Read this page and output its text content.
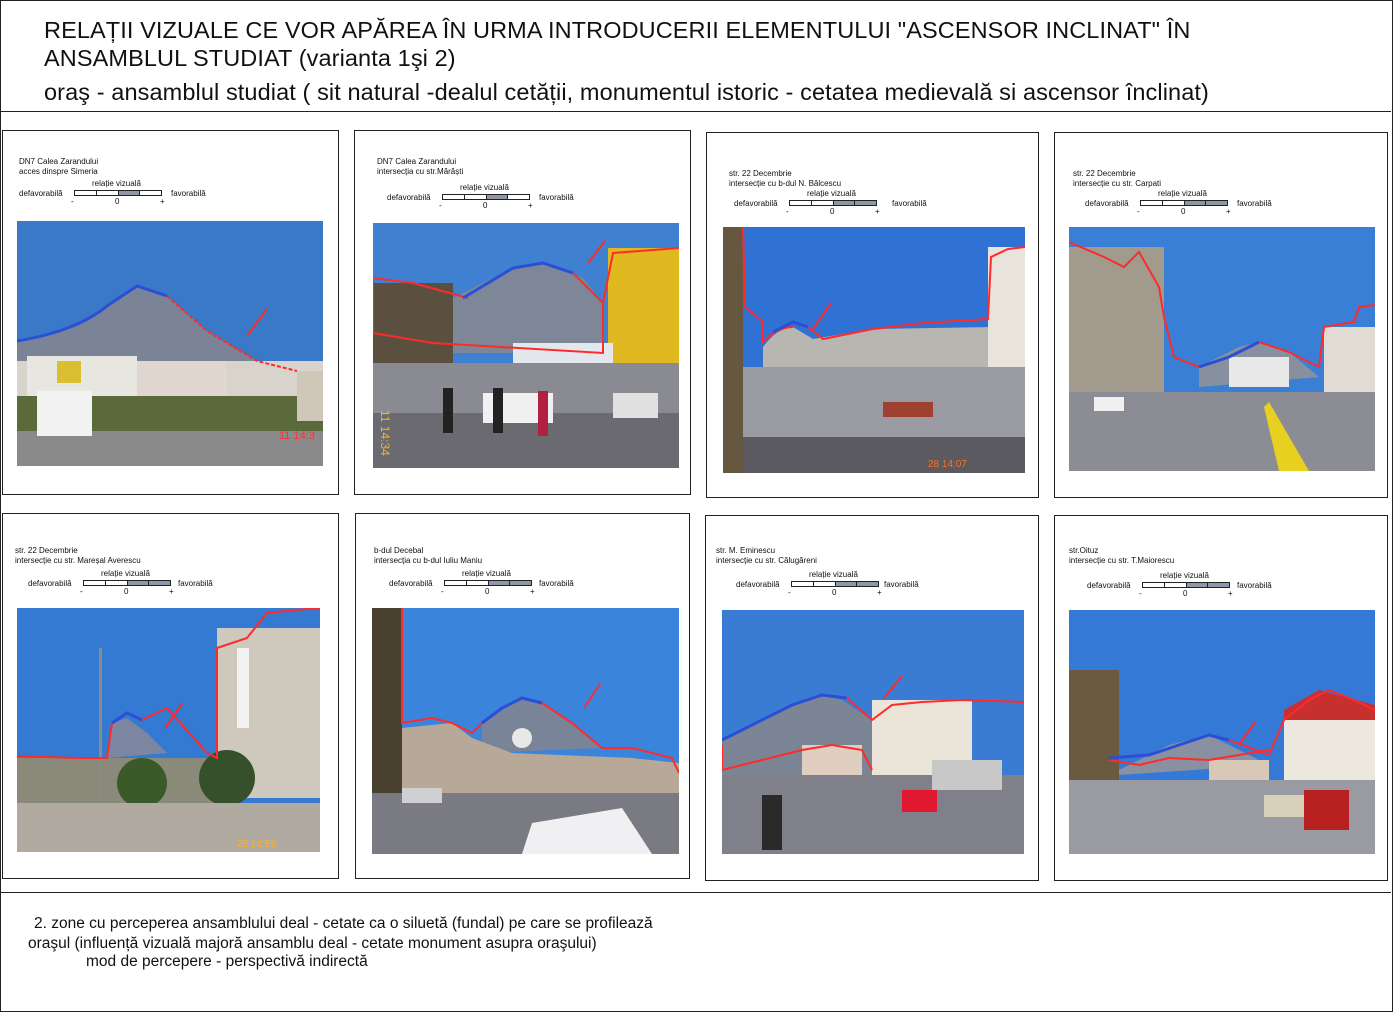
RELAȚII VIZUALE CE VOR APĂREA ÎN URMA INTRODUCERII ELEMENTULUI "ASCENSOR INCLINAT" ÎN
ANSAMBLUL STUDIAT (varianta 1şi 2)
oraş - ansamblul studiat ( sit natural -dealul cetății, monumentul istoric - cetatea medievală si ascensor înclinat)
DN7 Calea Zarandului
acces dinspre Simeria
relație vizuală
defavorabilă	favorabilă
-	0	+
11 14:3
DN7 Calea Zarandului
intersecția cu str.Mărăști
relație vizuală
defavorabilă	favorabilă
-	0	+
11 14:34
str. 22 Decembrie
intersecție cu b-dul N. Bălcescu
relație vizuală
defavorabilă	favorabilă
-	0	+
28 14:07
str. 22 Decembrie
intersecție cu str. Carpati
relație vizuală
defavorabilă	favorabilă
-	0	+
str. 22 Decembrie
intersecție cu str. Mareșal Averescu
relație vizuală
defavorabilă	favorabilă
-	0	+
28 14:55
b-dul Decebal
intersecția cu b-dul Iuliu Maniu
relație vizuală
defavorabilă	favorabilă
-	0	+
str. M. Eminescu
intersecție cu str. Călugăreni
relație vizuală
defavorabilă	favorabilă
-	0	+
str.Oituz
intersecție cu str. T.Maiorescu
relație vizuală
defavorabilă	favorabilă
-	0	+
2. zone cu perceperea ansamblului deal - cetate ca o siluetă (fundal) pe care se profilează
oraşul (influență vizuală majoră ansamblu deal - cetate monument asupra oraşului)
mod de percepere - perspectivă indirectă
